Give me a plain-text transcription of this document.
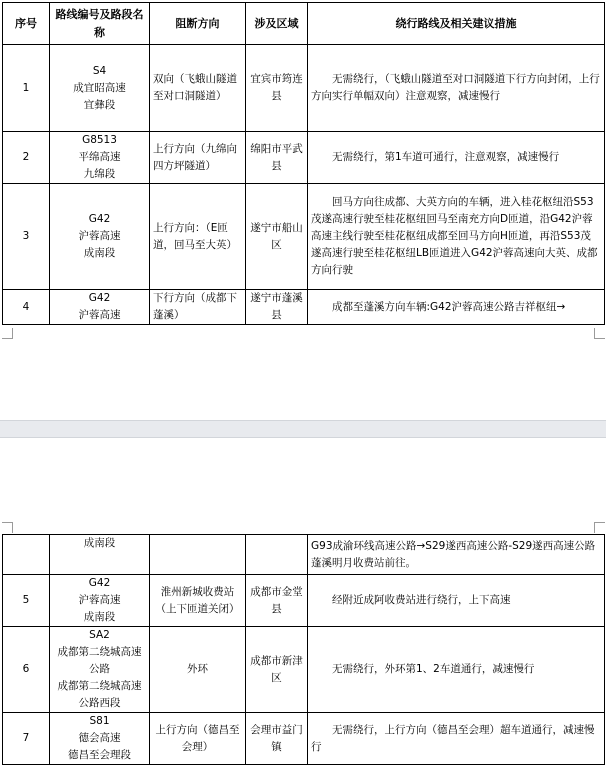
序号	路线编号及路段名称	阻断方向	涉及区域	绕行路线及相关建议措施
1	S4
成宜昭高速
宜彝段	双向（飞蛾山隧道至对口洞隧道）	宜宾市筠连县	无需绕行，（飞蛾山隧道至对口洞隧道下行方向封闭，上行方向实行单幅双向）注意观察，减速慢行
2	G8513
平绵高速
九绵段	上行方向（九绵向四方坪隧道）	绵阳市平武县	无需绕行，第1车道可通行，注意观察，减速慢行
3	G42
沪蓉高速
成南段	上行方向：（E匝道，回马至大英）	遂宁市船山区	回马方向往成都、大英方向的车辆，进入桂花枢纽沿S53茂遂高速行驶至桂花枢纽回马至南充方向D匝道，沿G42沪蓉高速主线行驶至桂花枢纽成都至回马方向H匝道，再沿S53茂遂高速行驶至桂花枢纽LB匝道进入G42沪蓉高速向大英、成都方向行驶
4	G42
沪蓉高速	下行方向（成都下蓬溪）	遂宁市蓬溪县	成都至蓬溪方向车辆:G42沪蓉高速公路吉祥枢纽→
	成南段			G93成渝环线高速公路→S29遂西高速公路-S29遂西高速公路蓬溪明月收费站前往。
5	G42
沪蓉高速
成南段	淮州新城收费站（上下匝道关闭）	成都市金堂县	经附近成阿收费站进行绕行，上下高速
6	SA2
成都第二绕城高速公路
成都第二绕城高速公路西段	外环	成都市新津区	无需绕行，外环第1、2车道通行，减速慢行
7	S81
德会高速
德昌至会理段	上行方向（德昌至会理）	会理市益门镇	无需绕行，上行方向（德昌至会理）超车道通行，减速慢行
